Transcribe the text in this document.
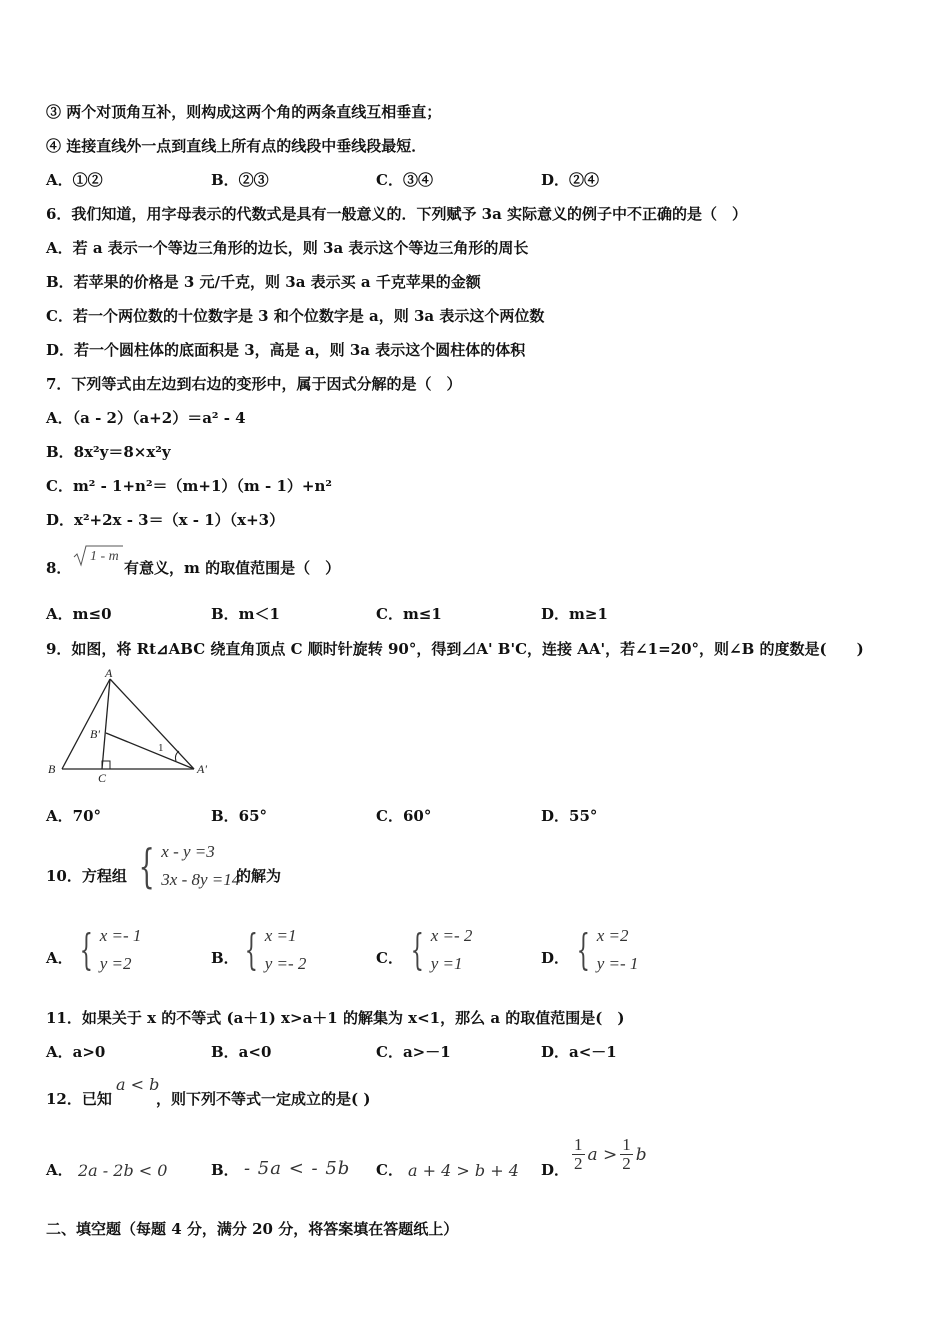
③ 两个对顶角互补，则构成这两个角的两条直线互相垂直；
④ 连接直线外一点到直线上所有点的线段中垂线段最短．
A．①②	B．②③	C．③④	D．②④
6．我们知道，用字母表示的代数式是具有一般意义的．下列赋予 3a 实际意义的例子中不正确的是（　）
A．若 a 表示一个等边三角形的边长，则 3a 表示这个等边三角形的周长
B．若苹果的价格是 3 元/千克，则 3a 表示买 a 千克苹果的金额
C．若一个两位数的十位数字是 3 和个位数字是 a，则 3a 表示这个两位数
D．若一个圆柱体的底面积是 3，高是 a，则 3a 表示这个圆柱体的体积
7．下列等式由左边到右边的变形中，属于因式分解的是（　）
A．（a - 2）（a+2）＝a² - 4
B．8x²y＝8×x²y
C．m² - 1+n²＝（m+1）（m - 1）+n²
D．x²+2x - 3＝（x - 1）（x+3）
8．
1 - m
有意义，m 的取值范围是（　）
A．m≤0	B．m＜1	C．m≤1	D．m≥1
9．如图，将 Rt⊿ABC 绕直角顶点 C 顺时针旋转 90°，得到⊿A' B'C，连接 AA'，若∠1=20°，则∠B 的度数是(　　)
A
B
C
A'
B'
1
A．70°	B．65°	C．60°	D．55°
10．方程组 { x - y =3
3x - 8y =14
的解为
A． { x =- 1
y =2	B． { x =1
y =- 2	C． { x =- 2
y =1	D． { x =2
y =- 1
11．如果关于 x 的不等式 (a＋1) x>a＋1 的解集为 x<1，那么 a 的取值范围是(　)
A．a>0	B．a<0	C．a>－1	D．a<－1
12．已知
a < b
，则下列不等式一定成立的是( )
A． 2a - 2b < 0	B． - 5a < - 5b C． a + 4 > b + 4 D． $\frac{1}{2}$ $a > \frac{1}{2}$ b
二、填空题（每题 4 分，满分 20 分，将答案填在答题纸上）
